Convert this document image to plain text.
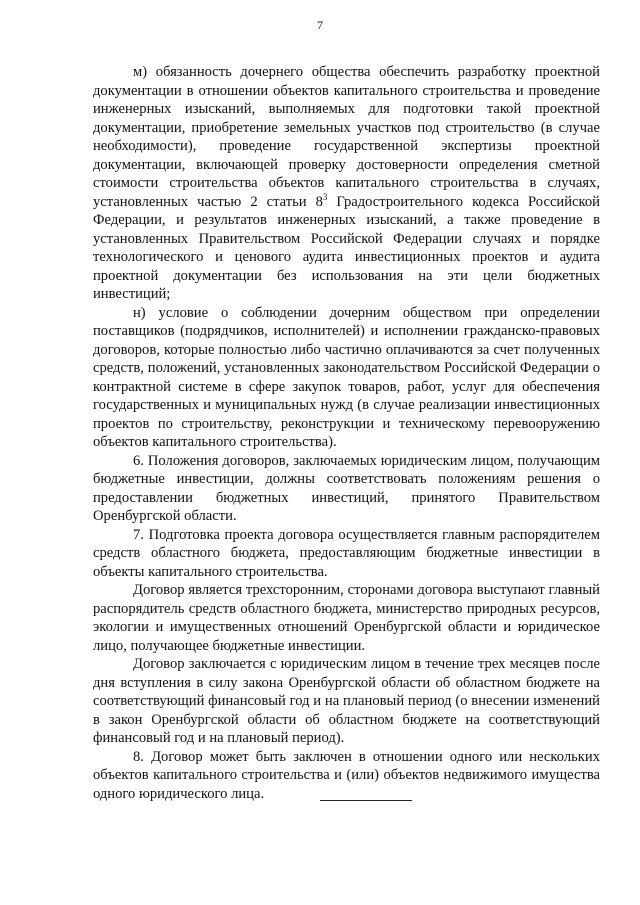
7

м) обязанность дочернего общества обеспечить разработку проектной документации в отношении объектов капитального строительства и проведение инженерных изысканий, выполняемых для подготовки такой проектной документации, приобретение земельных участков под строительство (в случае необходимости), проведение государственной экспертизы проектной документации, включающей проверку достоверности определения сметной стоимости строительства объектов капитального строительства в случаях, установленных частью 2 статьи $8^3$ Градостроительного кодекса Российской Федерации, и результатов инженерных изысканий, а также проведение в установленных Правительством Российской Федерации случаях и порядке технологического и ценового аудита инвестиционных проектов и аудита проектной документации без использования на эти цели бюджетных инвестиций;

н) условие о соблюдении дочерним обществом при определении поставщиков (подрядчиков, исполнителей) и исполнении гражданско-правовых договоров, которые полностью либо частично оплачиваются за счет полученных средств, положений, установленных законодательством Российской Федерации о контрактной системе в сфере закупок товаров, работ, услуг для обеспечения государственных и муниципальных нужд (в случае реализации инвестиционных проектов по строительству, реконструкции и техническому перевооружению объектов капитального строительства).

6. Положения договоров, заключаемых юридическим лицом, получающим бюджетные инвестиции, должны соответствовать положениям решения о предоставлении бюджетных инвестиций, принятого Правительством Оренбургской области.

7. Подготовка проекта договора осуществляется главным распорядителем средств областного бюджета, предоставляющим бюджетные инвестиции в объекты капитального строительства.

Договор является трехсторонним, сторонами договора выступают главный распорядитель средств областного бюджета, министерство природных ресурсов, экологии и имущественных отношений Оренбургской области и юридическое лицо, получающее бюджетные инвестиции.

Договор заключается с юридическим лицом в течение трех месяцев после дня вступления в силу закона Оренбургской области об областном бюджете на соответствующий финансовый год и на плановый период (о внесении изменений в закон Оренбургской области об областном бюджете на соответствующий финансовый год и на плановый период).

8. Договор может быть заключен в отношении одного или нескольких объектов капитального строительства и (или) объектов недвижимого имущества одного юридического лица.
